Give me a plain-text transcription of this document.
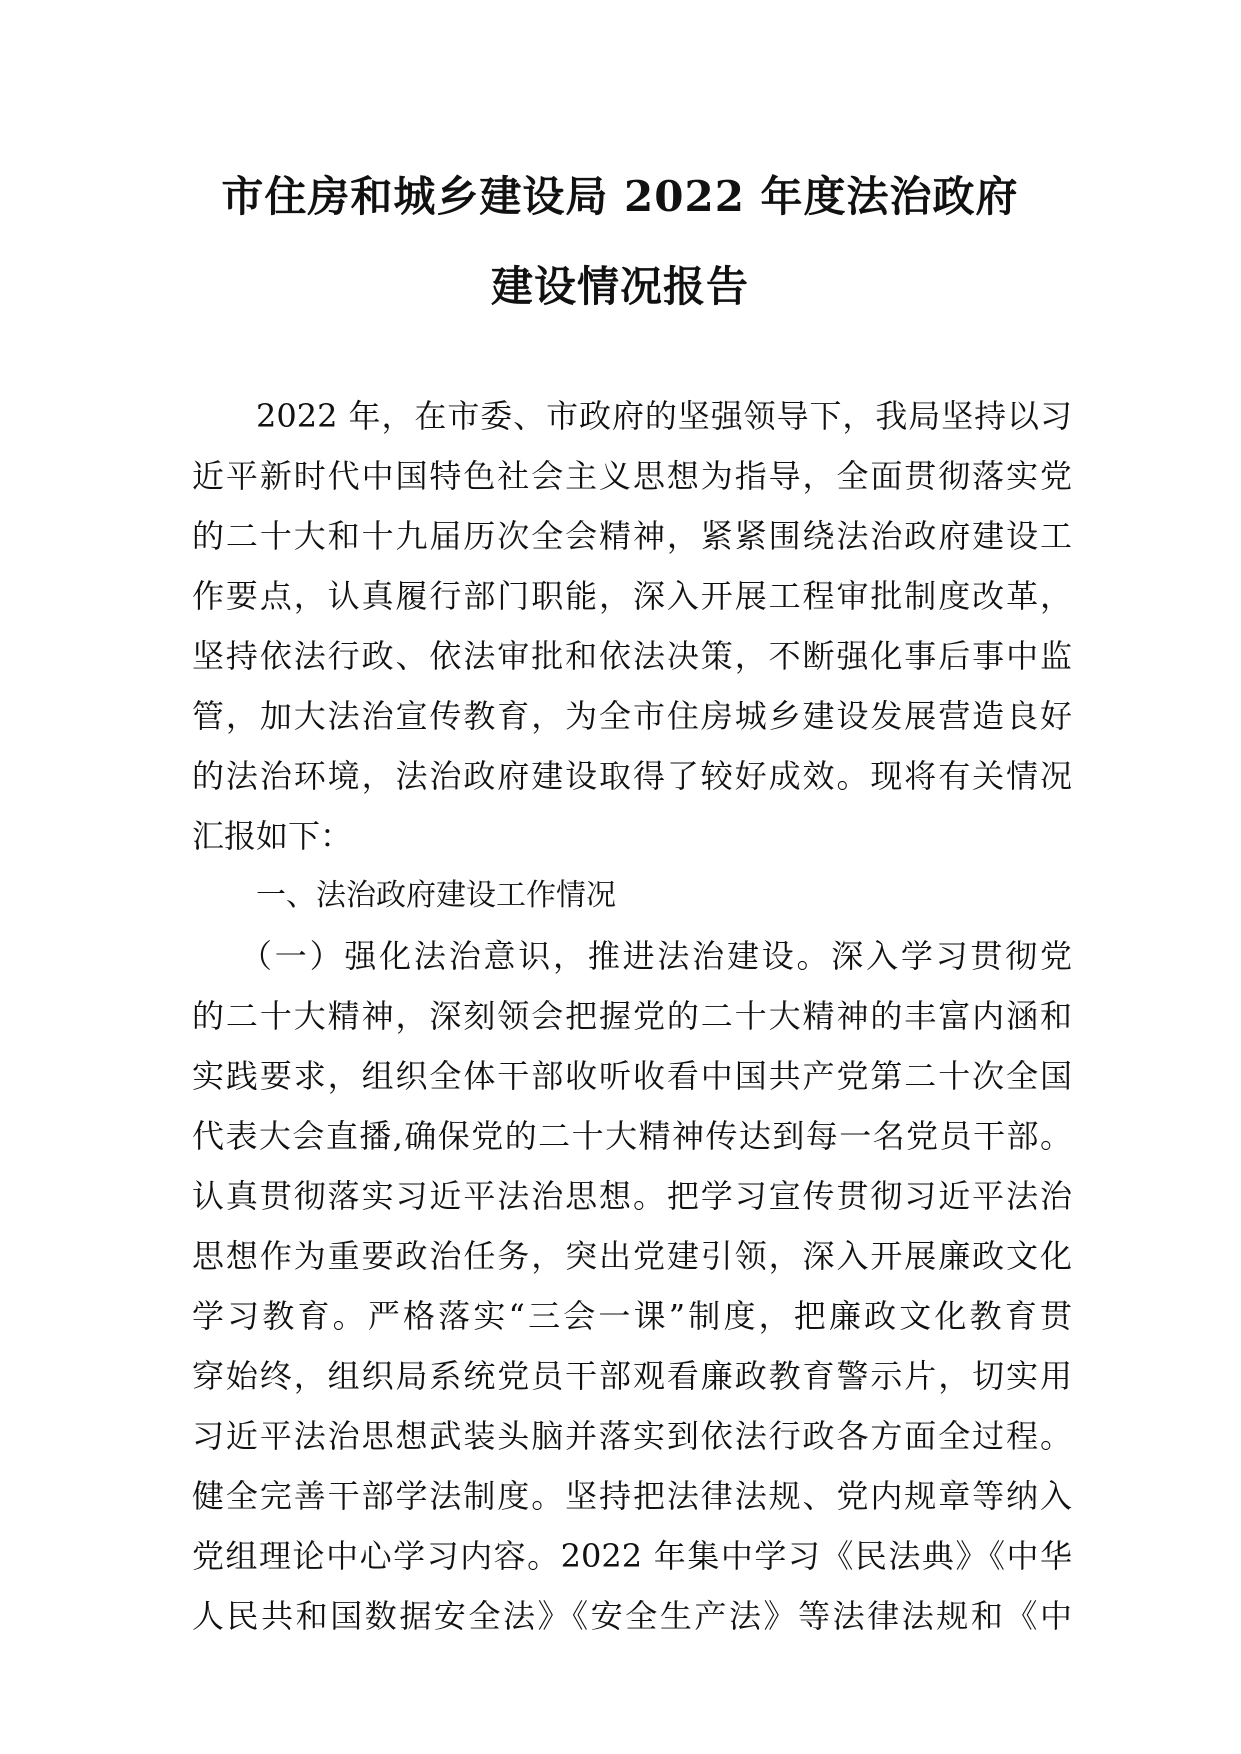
市住房和城乡建设局 2022 年度法治政府
建设情况报告
2022 年，在市委、市政府的坚强领导下，我局坚持以习
近平新时代中国特色社会主义思想为指导，全面贯彻落实党
的二十大和十九届历次全会精神，紧紧围绕法治政府建设工
作要点，认真履行部门职能，深入开展工程审批制度改革，
坚持依法行政、依法审批和依法决策，不断强化事后事中监
管，加大法治宣传教育，为全市住房城乡建设发展营造良好
的法治环境，法治政府建设取得了较好成效。现将有关情况
汇报如下：
一、法治政府建设工作情况
（一）强化法治意识，推进法治建设。深入学习贯彻党
的二十大精神，深刻领会把握党的二十大精神的丰富内涵和
实践要求，组织全体干部收听收看中国共产党第二十次全国
代表大会直播,确保党的二十大精神传达到每一名党员干部。
认真贯彻落实习近平法治思想。把学习宣传贯彻习近平法治
思想作为重要政治任务，突出党建引领，深入开展廉政文化
学习教育。严格落实“三会一课”制度，把廉政文化教育贯
穿始终，组织局系统党员干部观看廉政教育警示片，切实用
习近平法治思想武装头脑并落实到依法行政各方面全过程。
健全完善干部学法制度。坚持把法律法规、党内规章等纳入
党组理论中心学习内容。2022 年集中学习《民法典》《中华
人民共和国数据安全法》《安全生产法》等法律法规和《中
